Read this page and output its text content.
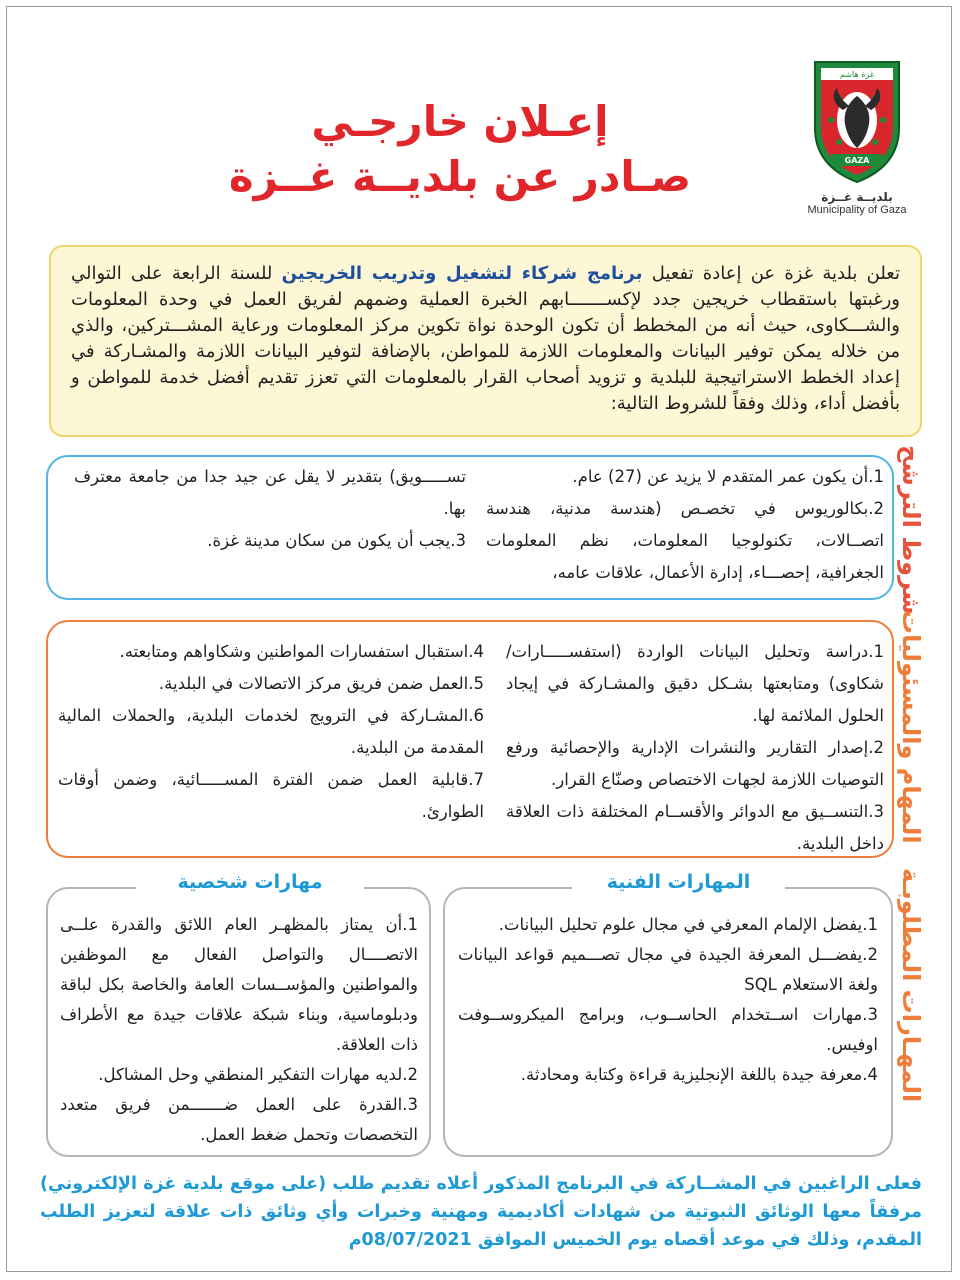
غزة هاشم
GAZA
بلديــة غــزة
Municipality of Gaza
إعـلان خارجـي
صـادر عن بلديــة غــزة
تعلن بلدية غزة عن إعادة تفعيل برنامج شركاء لتشغيل وتدريب الخريجين للسنة الرابعة على التوالي ورغبتها باستقطاب خريجين جدد لإكســـــــابهم الخبرة العملية وضمهم لفريق العمل في وحدة المعلومات والشـــكاوى، حيث أنه من المخطط أن تكون الوحدة نواة تكوين مركز المعلومات ورعاية المشـــتركين، والذي من خلاله يمكن توفير البيانات والمعلومات اللازمة للمواطن، بالإضافة لتوفير البيانات اللازمة والمشـاركة في إعداد الخطط الاستراتيجية للبلدية و تزويد أصحاب القرار بالمعلومات التي تعزز تقديم أفضل خدمة للمواطن و بأفضل أداء، وذلك وفقاً للشروط التالية:
شروط الترشح

1.أن يكون عمر المتقدم لا يزيد عن (27) عام.

2.بكالوريوس في تخصـص (هندسة مدنية، هندسة اتصــالات، تكنولوجيا المعلومات، نظم المعلومات الجغرافية، إحصـــاء، إدارة الأعمال، علاقات عامه،

تســـــويق) بتقدير لا يقل عن جيد جدا من جامعة معترف بها.

3.يجب أن يكون من سكان مدينة غزة.

المهام والمسئوليات

1.دراسة وتحليل البيانات الواردة (استفســـــارات/ شكاوى) ومتابعتها بشـكل دقيق والمشـاركة في إيجاد الحلول الملائمة لها.

2.إصدار التقارير والنشرات الإدارية والإحصائية ورفع التوصيات اللازمة لجهات الاختصاص وصنّاع القرار.

3.التنســيق مع الدوائر والأقســام المختلفة ذات العلاقة داخل البلدية.

4.استقبال استفسارات المواطنين وشكاواهم ومتابعته.

5.العمل ضمن فريق مركز الاتصالات في البلدية.

6.المشـاركة في الترويج لخدمات البلدية، والحملات المالية المقدمة من البلدية.

7.قابلية العمل ضمن الفترة المســـــائية، وضمن أوقات الطوارئ.

المهـارات المطلوبـة
المهارات الفنية

1.يفضل الإلمام المعرفي في مجال علوم تحليل البيانات.

2.يفضـــل المعرفة الجيدة في مجال تصـــميم قواعد البيانات ولغة الاستعلام SQL

3.مهارات اســتخدام الحاســوب، وبرامج الميكروســوفت اوفيس.

4.معرفة جيدة باللغة الإنجليزية قراءة وكتابة ومحادثة.

مهارات شخصية

1.أن يمتاز بالمظهـر العام اللائق والقدرة علــى الاتصــــال والتواصل الفعال مع الموظفين والمواطنين والمؤســسات العامة والخاصة بكل لباقة ودبلوماسية، وبناء شبكة علاقات جيدة مع الأطراف ذات العلاقة.

2.لديه مهارات التفكير المنطقي وحل المشاكل.

3.القدرة على العمل ضـــــــمن فريق متعدد التخصصات وتحمل ضغط العمل.

فعلى الراغبين في المشــاركة في البرنامج المذكور أعلاه تقديم طلب (على موقع بلدية غزة الإلكتروني) مرفقاً معها الوثائق الثبوتية من شهادات أكاديمية ومهنية وخبرات وأي وثائق ذات علاقة لتعزيز الطلب المقدم، وذلك في موعد أقصاه يوم الخميس الموافق 08/07/2021م
